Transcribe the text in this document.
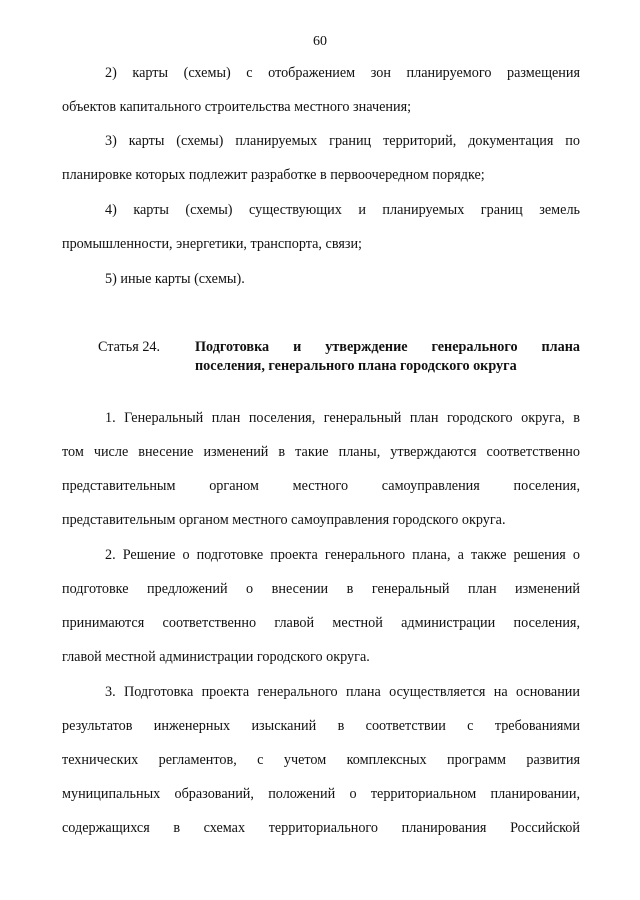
60
2) карты (схемы) с отображением зон планируемого размещения
объектов капитального строительства местного значения;
3) карты (схемы) планируемых границ территорий, документация по
планировке которых подлежит разработке в первоочередном порядке;
4) карты (схемы) существующих и планируемых границ земель
промышленности, энергетики, транспорта, связи;
5) иные карты (схемы).
Статья 24. Подготовка и утверждение генерального плана
поселения, генерального плана городского округа
1. Генеральный план поселения, генеральный план городского округа, в
том числе внесение изменений в такие планы, утверждаются соответственно
представительным органом местного самоуправления поселения,
представительным органом местного самоуправления городского округа.
2. Решение о подготовке проекта генерального плана, а также решения о
подготовке предложений о внесении в генеральный план изменений
принимаются соответственно главой местной администрации поселения,
главой местной администрации городского округа.
3. Подготовка проекта генерального плана осуществляется на основании
результатов инженерных изысканий в соответствии с требованиями
технических регламентов, с учетом комплексных программ развития
муниципальных образований, положений о территориальном планировании,
содержащихся в схемах территориального планирования Российской
